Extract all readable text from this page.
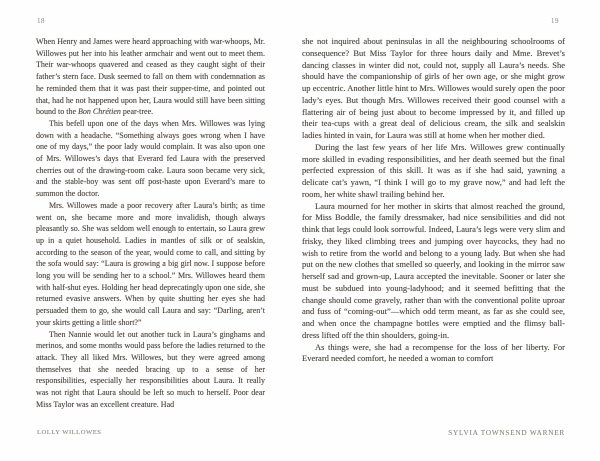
18

When Henry and James were heard approaching with war-whoops, Mr. Willowes put her into his leather armchair and went out to meet them. Their war-whoops quavered and ceased as they caught sight of their father’s stern face. Dusk seemed to fall on them with condemnation as he reminded them that it was past their supper-time, and pointed out that, had he not happened upon her, Laura would still have been sitting bound to the Bon Chrétien pear-tree.

This befell upon one of the days when Mrs. Willowes was lying down with a headache. “Something always goes wrong when I have one of my days,” the poor lady would complain. It was also upon one of Mrs. Willowes’s days that Everard fed Laura with the preserved cherries out of the drawing-room cake. Laura soon became very sick, and the stable-boy was sent off post-haste upon Everard’s mare to summon the doctor.

Mrs. Willowes made a poor recovery after Laura’s birth; as time went on, she became more and more invalidish, though always pleasantly so. She was seldom well enough to entertain, so Laura grew up in a quiet household. Ladies in mantles of silk or of sealskin, according to the season of the year, would come to call, and sitting by the sofa would say: “Laura is growing a big girl now. I suppose before long you will be sending her to a school.” Mrs. Willowes heard them with half-shut eyes. Holding her head deprecatingly upon one side, she returned evasive answers. When by quite shutting her eyes she had persuaded them to go, she would call Laura and say: “Darling, aren’t your skirts getting a little short?”

Then Nannie would let out another tuck in Laura’s ginghams and merinos, and some months would pass before the ladies returned to the attack. They all liked Mrs. Willowes, but they were agreed among themselves that she needed bracing up to a sense of her responsibilities, especially her responsibilities about Laura. It really was not right that Laura should be left so much to herself. Poor dear Miss Taylor was an excellent creature. Had

LOLLY WILLOWES
19

she not inquired about peninsulas in all the neighbouring schoolrooms of consequence? But Miss Taylor for three hours daily and Mme. Brevet’s dancing classes in winter did not, could not, supply all Laura’s needs. She should have the companionship of girls of her own age, or she might grow up eccentric. Another little hint to Mrs. Willowes would surely open the poor lady’s eyes. But though Mrs. Willowes received their good counsel with a flattering air of being just about to become impressed by it, and filled up their tea-cups with a great deal of delicious cream, the silk and sealskin ladies hinted in vain, for Laura was still at home when her mother died.

During the last few years of her life Mrs. Willowes grew continually more skilled in evading responsibilities, and her death seemed but the final perfected expression of this skill. It was as if she had said, yawning a delicate cat’s yawn, “I think I will go to my grave now,” and had left the room, her white shawl trailing behind her.

Laura mourned for her mother in skirts that almost reached the ground, for Miss Boddle, the family dressmaker, had nice sensibilities and did not think that legs could look sorrowful. Indeed, Laura’s legs were very slim and frisky, they liked climbing trees and jumping over haycocks, they had no wish to retire from the world and belong to a young lady. But when she had put on the new clothes that smelled so queerly, and looking in the mirror saw herself sad and grown-up, Laura accepted the inevitable. Sooner or later she must be subdued into young-ladyhood; and it seemed befitting that the change should come gravely, rather than with the conventional polite uproar and fuss of “coming-out”—which odd term meant, as far as she could see, and when once the champagne bottles were emptied and the flimsy ball-dress lifted off the thin shoulders, going-in.

As things were, she had a recompense for the loss of her liberty. For Everard needed comfort, he needed a woman to comfort

SYLVIA TOWNSEND WARNER
